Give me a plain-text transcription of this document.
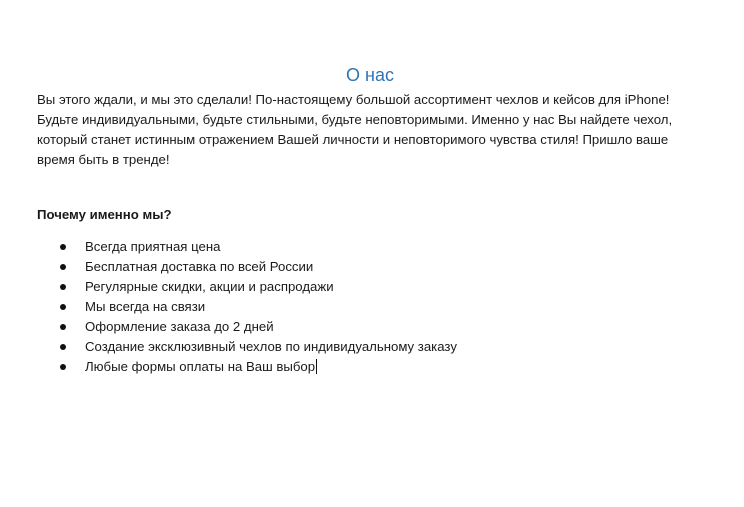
О нас

Вы этого ждали, и мы это сделали! По-настоящему большой ассортимент чехлов и кейсов для iPhone! Будьте индивидуальными, будьте стильными, будьте неповторимыми. Именно у нас Вы найдете чехол, который станет истинным отражением Вашей личности и неповторимого чувства стиля! Пришло ваше время быть в тренде!

Почему именно мы?

Всегда приятная цена
Бесплатная доставка по всей России
Регулярные скидки, акции и распродажи
Мы всегда на связи
Оформление заказа до 2 дней
Создание эксклюзивный чехлов по индивидуальному заказу
Любые формы оплаты на Ваш выбор
